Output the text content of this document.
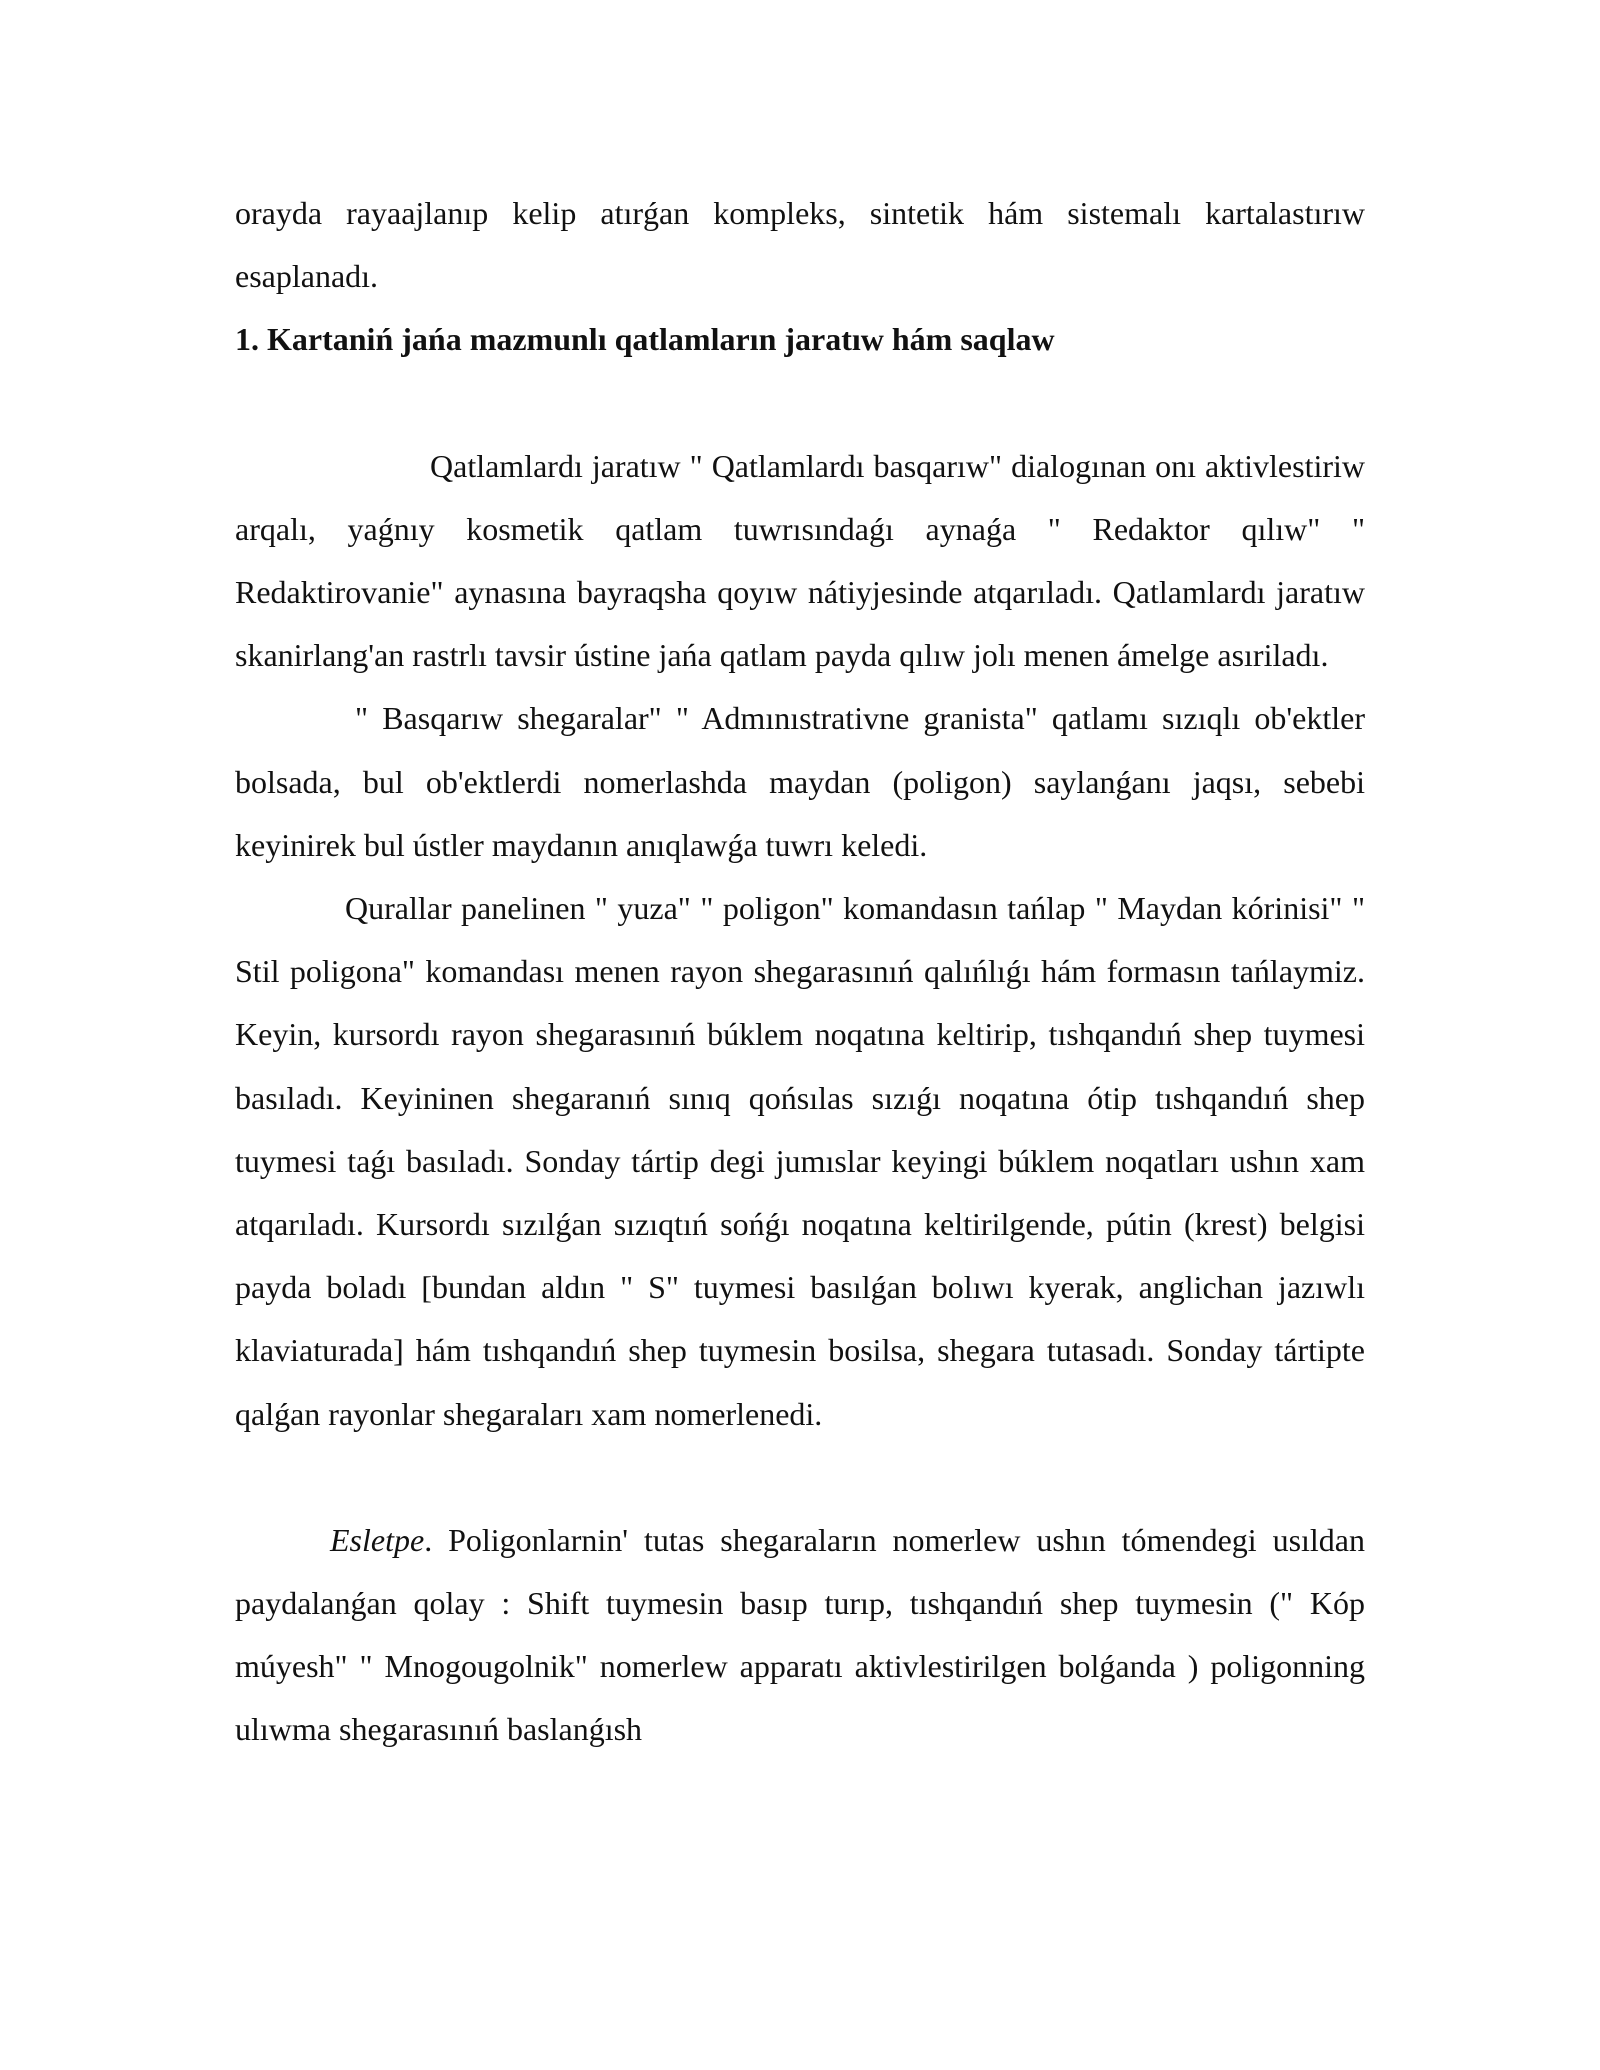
orayda rayaajlanıp kelip atırǵan kompleks, sintetik hám sistemalı kartalastırıw esaplanadı.

1. Kartaniń jańa mazmunlı qatlamların jaratıw hám saqlaw

Qatlamlardı jaratıw " Qatlamlardı basqarıw" dialogınan onı aktivlestiriw arqalı, yaǵnıy kosmetik qatlam tuwrısındaǵı aynaǵa " Redaktor qılıw" " Redaktirovanie" aynasına bayraqsha qoyıw nátiyjesinde atqarıladı. Qatlamlardı jaratıw skanirlang'an rastrlı tavsir ústine jańa qatlam payda qılıw jolı menen ámelge asıriladı.

" Basqarıw shegaralar" " Admınıstrativne granista" qatlamı sızıqlı ob'ektler bolsada, bul ob'ektlerdi nomerlashda maydan (poligon) saylanǵanı jaqsı, sebebi keyinirek bul ústler maydanın anıqlawǵa tuwrı keledi.

Qurallar panelinen " yuza" " poligon" komandasın tańlap " Maydan kórinisi" " Stil poligona" komandası menen rayon shegarasınıń qalıńlıǵı hám formasın tańlaymiz. Keyin, kursordı rayon shegarasınıń búklem noqatına keltirip, tıshqandıń shep tuymesi basıladı. Keyininen shegaranıń sınıq qońsılas sızıǵı noqatına ótip tıshqandıń shep tuymesi taǵı basıladı. Sonday tártip degi jumıslar keyingi búklem noqatları ushın xam atqarıladı. Kursordı sızılǵan sızıqtıń sońǵı noqatına keltirilgende, pútin (krest) belgisi payda boladı [bundan aldın " S" tuymesi basılǵan bolıwı kyerak, anglichan jazıwlı klaviaturada] hám tıshqandıń shep tuymesin bosilsa, shegara tutasadı. Sonday tártipte qalǵan rayonlar shegaraları xam nomerlenedi.

Esletpe. Poligonlarnin' tutas shegaraların nomerlew ushın tómendegi usıldan paydalanǵan qolay : Shift tuymesin basıp turıp, tıshqandıń shep tuymesin (" Kóp múyesh" " Mnogougolnik" nomerlew apparatı aktivlestirilgen bolǵanda ) poligonning ulıwma shegarasınıń baslanǵısh
